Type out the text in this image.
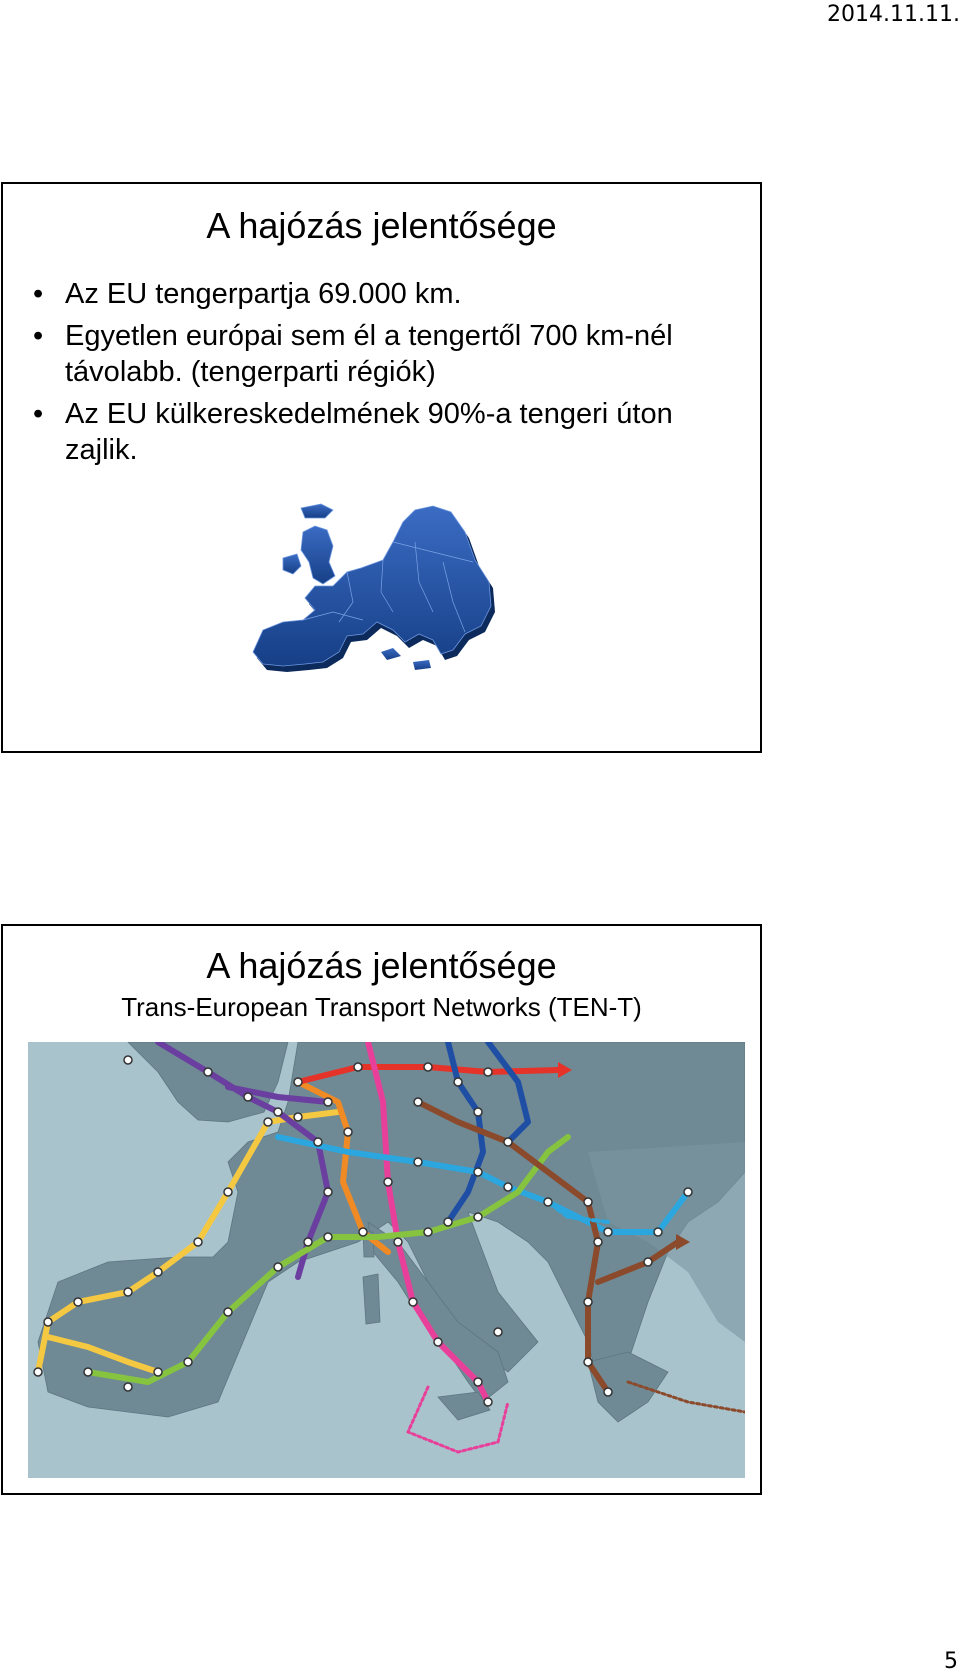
2014.11.11.
A hajózás jelentősége
• Az EU tengerpartja 69.000 km.
• Egyetlen európai sem él a tengertől 700 km-nél távolabb. (tengerparti régiók)
• Az EU külkereskedelmének 90%-a tengeri úton zajlik.
A hajózás jelentősége
Trans-European Transport Networks (TEN-T)
5
